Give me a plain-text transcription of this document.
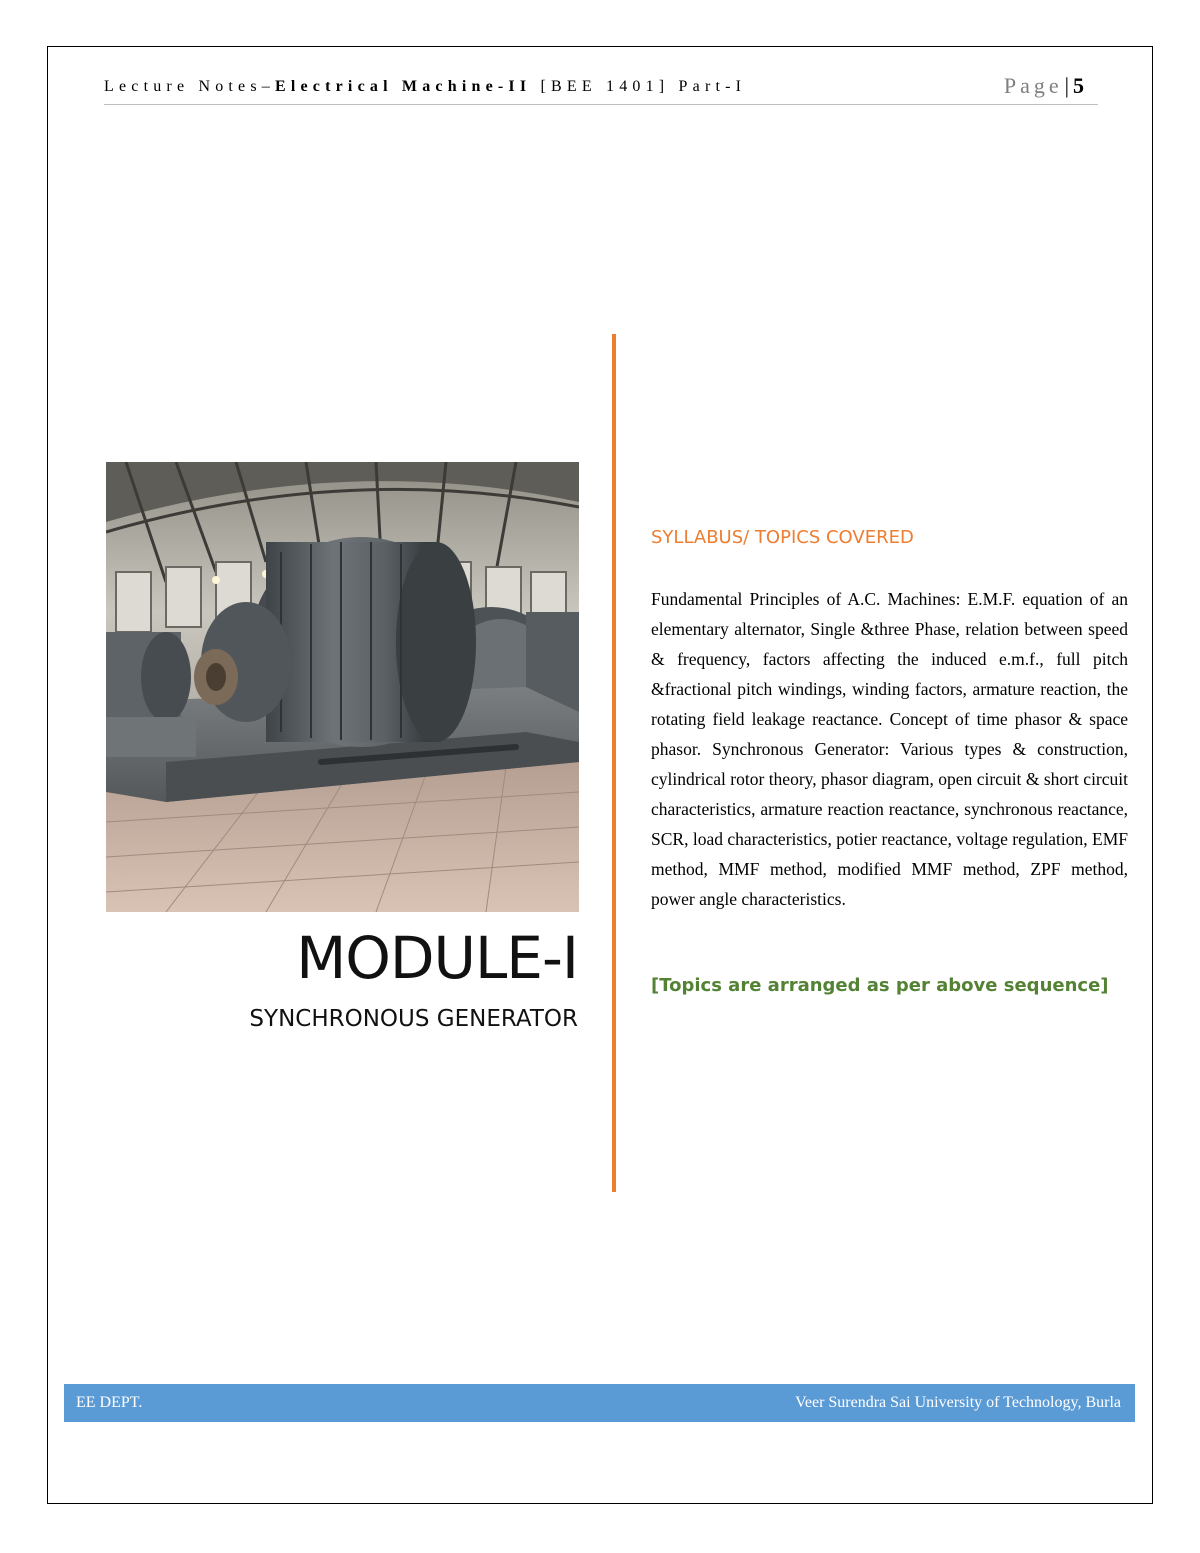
Lecture Notes–Electrical Machine-II [BEE 1401] Part-I	Page| 5
MODULE-I
SYNCHRONOUS GENERATOR
SYLLABUS/ TOPICS COVERED
Fundamental Principles of A.C. Machines: E.M.F. equation of an elementary alternator, Single &three Phase, relation between speed & frequency, factors affecting the induced e.m.f., full pitch &fractional pitch windings, winding factors, armature reaction, the rotating field leakage reactance. Concept of time phasor & space phasor. Synchronous Generator: Various types & construction, cylindrical rotor theory, phasor diagram, open circuit & short circuit characteristics, armature reaction reactance, synchronous reactance, SCR, load characteristics, potier reactance, voltage regulation, EMF method, MMF method, modified MMF method, ZPF method, power angle characteristics.
[Topics are arranged as per above sequence]
EE DEPT.	Veer Surendra Sai University of Technology, Burla
